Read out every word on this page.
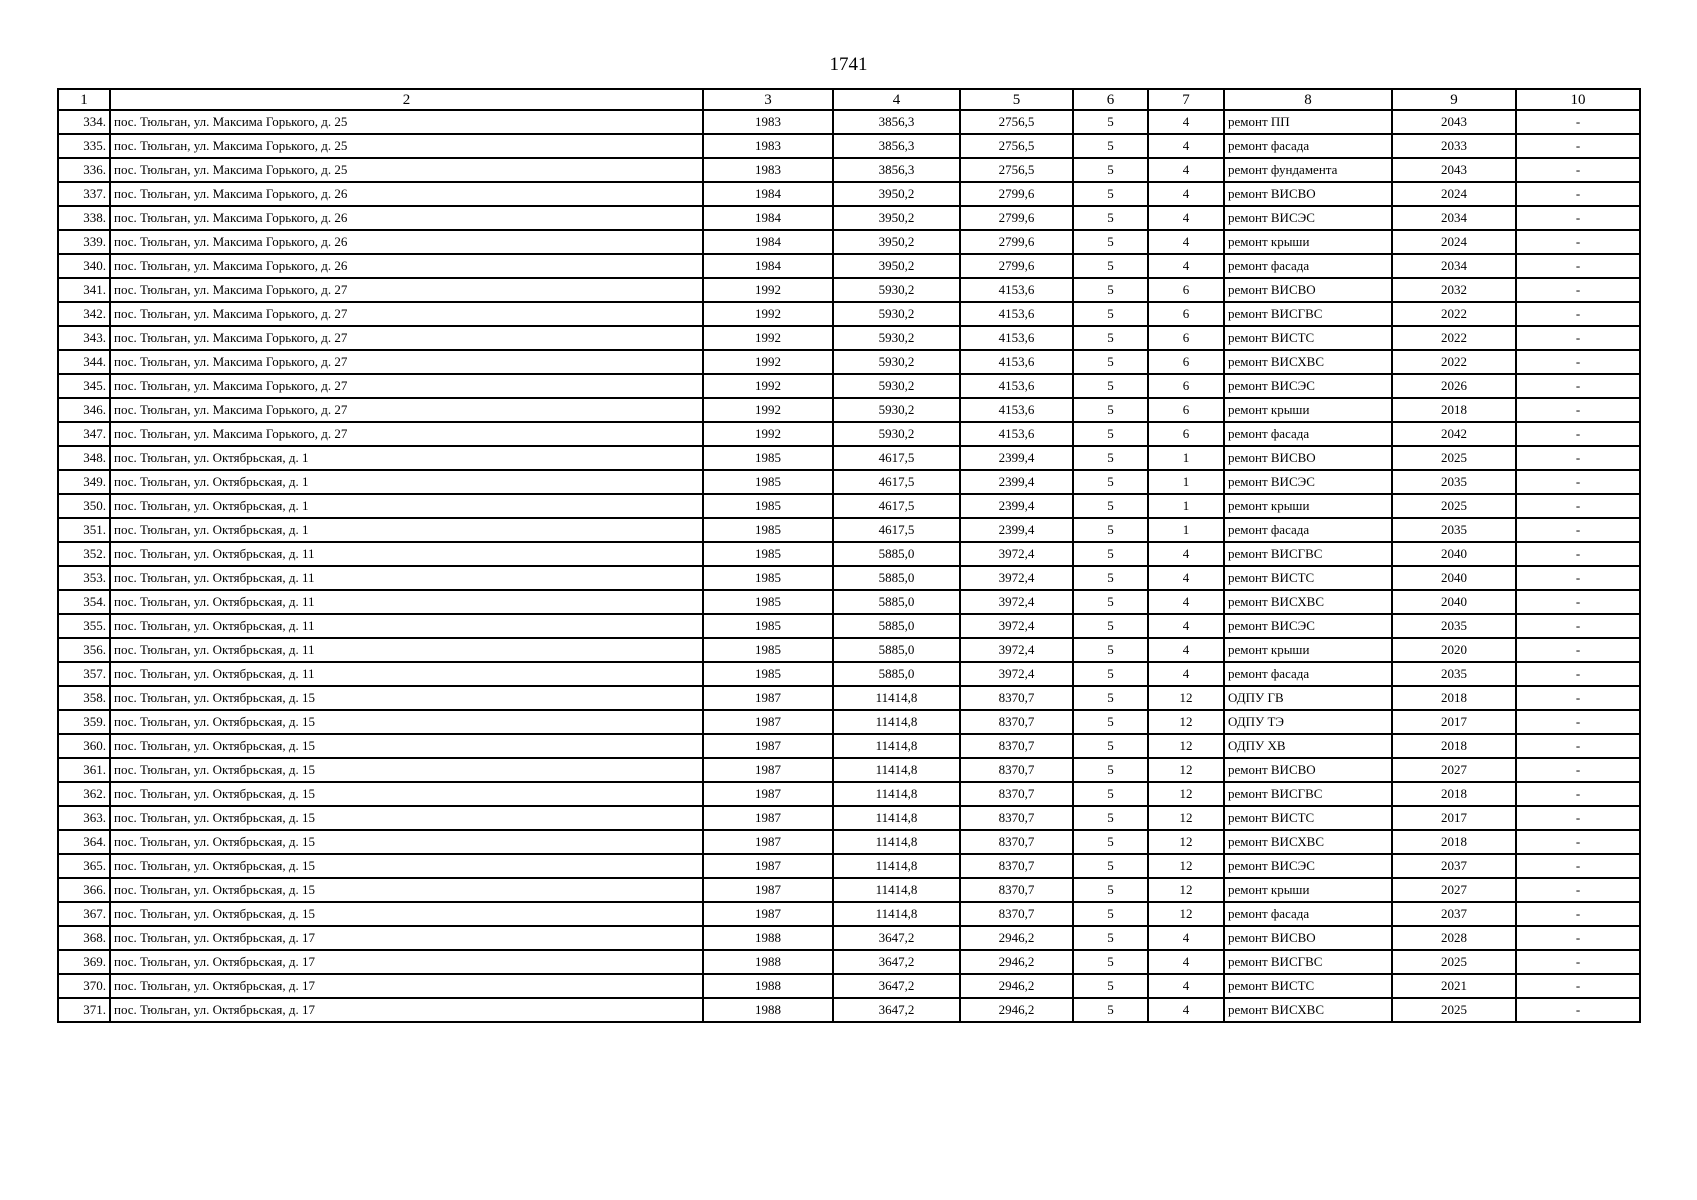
1741
1	2	3	4	5	6	7	8	9	10
334.	пос. Тюльган, ул. Максима Горького, д. 25	1983	3856,3	2756,5	5	4	ремонт ПП	2043	-
335.	пос. Тюльган, ул. Максима Горького, д. 25	1983	3856,3	2756,5	5	4	ремонт фасада	2033	-
336.	пос. Тюльган, ул. Максима Горького, д. 25	1983	3856,3	2756,5	5	4	ремонт фундамента	2043	-
337.	пос. Тюльган, ул. Максима Горького, д. 26	1984	3950,2	2799,6	5	4	ремонт ВИСВО	2024	-
338.	пос. Тюльган, ул. Максима Горького, д. 26	1984	3950,2	2799,6	5	4	ремонт ВИСЭС	2034	-
339.	пос. Тюльган, ул. Максима Горького, д. 26	1984	3950,2	2799,6	5	4	ремонт крыши	2024	-
340.	пос. Тюльган, ул. Максима Горького, д. 26	1984	3950,2	2799,6	5	4	ремонт фасада	2034	-
341.	пос. Тюльган, ул. Максима Горького, д. 27	1992	5930,2	4153,6	5	6	ремонт ВИСВО	2032	-
342.	пос. Тюльган, ул. Максима Горького, д. 27	1992	5930,2	4153,6	5	6	ремонт ВИСГВС	2022	-
343.	пос. Тюльган, ул. Максима Горького, д. 27	1992	5930,2	4153,6	5	6	ремонт ВИСТС	2022	-
344.	пос. Тюльган, ул. Максима Горького, д. 27	1992	5930,2	4153,6	5	6	ремонт ВИСХВС	2022	-
345.	пос. Тюльган, ул. Максима Горького, д. 27	1992	5930,2	4153,6	5	6	ремонт ВИСЭС	2026	-
346.	пос. Тюльган, ул. Максима Горького, д. 27	1992	5930,2	4153,6	5	6	ремонт крыши	2018	-
347.	пос. Тюльган, ул. Максима Горького, д. 27	1992	5930,2	4153,6	5	6	ремонт фасада	2042	-
348.	пос. Тюльган, ул. Октябрьская, д. 1	1985	4617,5	2399,4	5	1	ремонт ВИСВО	2025	-
349.	пос. Тюльган, ул. Октябрьская, д. 1	1985	4617,5	2399,4	5	1	ремонт ВИСЭС	2035	-
350.	пос. Тюльган, ул. Октябрьская, д. 1	1985	4617,5	2399,4	5	1	ремонт крыши	2025	-
351.	пос. Тюльган, ул. Октябрьская, д. 1	1985	4617,5	2399,4	5	1	ремонт фасада	2035	-
352.	пос. Тюльган, ул. Октябрьская, д. 11	1985	5885,0	3972,4	5	4	ремонт ВИСГВС	2040	-
353.	пос. Тюльган, ул. Октябрьская, д. 11	1985	5885,0	3972,4	5	4	ремонт ВИСТС	2040	-
354.	пос. Тюльган, ул. Октябрьская, д. 11	1985	5885,0	3972,4	5	4	ремонт ВИСХВС	2040	-
355.	пос. Тюльган, ул. Октябрьская, д. 11	1985	5885,0	3972,4	5	4	ремонт ВИСЭС	2035	-
356.	пос. Тюльган, ул. Октябрьская, д. 11	1985	5885,0	3972,4	5	4	ремонт крыши	2020	-
357.	пос. Тюльган, ул. Октябрьская, д. 11	1985	5885,0	3972,4	5	4	ремонт фасада	2035	-
358.	пос. Тюльган, ул. Октябрьская, д. 15	1987	11414,8	8370,7	5	12	ОДПУ ГВ	2018	-
359.	пос. Тюльган, ул. Октябрьская, д. 15	1987	11414,8	8370,7	5	12	ОДПУ ТЭ	2017	-
360.	пос. Тюльган, ул. Октябрьская, д. 15	1987	11414,8	8370,7	5	12	ОДПУ ХВ	2018	-
361.	пос. Тюльган, ул. Октябрьская, д. 15	1987	11414,8	8370,7	5	12	ремонт ВИСВО	2027	-
362.	пос. Тюльган, ул. Октябрьская, д. 15	1987	11414,8	8370,7	5	12	ремонт ВИСГВС	2018	-
363.	пос. Тюльган, ул. Октябрьская, д. 15	1987	11414,8	8370,7	5	12	ремонт ВИСТС	2017	-
364.	пос. Тюльган, ул. Октябрьская, д. 15	1987	11414,8	8370,7	5	12	ремонт ВИСХВС	2018	-
365.	пос. Тюльган, ул. Октябрьская, д. 15	1987	11414,8	8370,7	5	12	ремонт ВИСЭС	2037	-
366.	пос. Тюльган, ул. Октябрьская, д. 15	1987	11414,8	8370,7	5	12	ремонт крыши	2027	-
367.	пос. Тюльган, ул. Октябрьская, д. 15	1987	11414,8	8370,7	5	12	ремонт фасада	2037	-
368.	пос. Тюльган, ул. Октябрьская, д. 17	1988	3647,2	2946,2	5	4	ремонт ВИСВО	2028	-
369.	пос. Тюльган, ул. Октябрьская, д. 17	1988	3647,2	2946,2	5	4	ремонт ВИСГВС	2025	-
370.	пос. Тюльган, ул. Октябрьская, д. 17	1988	3647,2	2946,2	5	4	ремонт ВИСТС	2021	-
371.	пос. Тюльган, ул. Октябрьская, д. 17	1988	3647,2	2946,2	5	4	ремонт ВИСХВС	2025	-
